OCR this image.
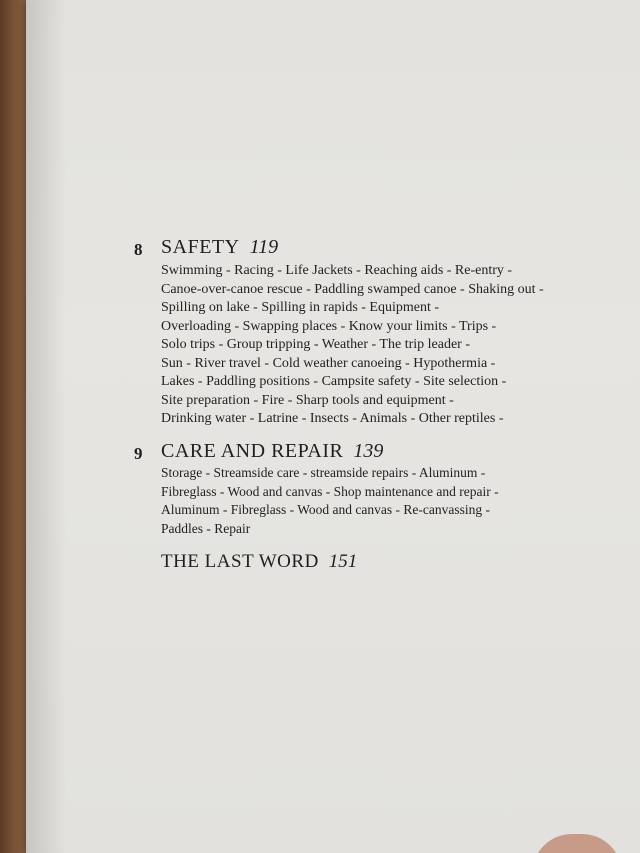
8 SAFETY 119
Swimming - Racing - Life Jackets - Reaching aids - Re-entry -
Canoe-over-canoe rescue - Paddling swamped canoe - Shaking out -
Spilling on lake - Spilling in rapids - Equipment -
Overloading - Swapping places - Know your limits - Trips -
Solo trips - Group tripping - Weather - The trip leader -
Sun - River travel - Cold weather canoeing - Hypothermia -
Lakes - Paddling positions - Campsite safety - Site selection -
Site preparation - Fire - Sharp tools and equipment -
Drinking water - Latrine - Insects - Animals - Other reptiles -
9 CARE AND REPAIR 139
Storage - Streamside care - streamside repairs - Aluminum -
Fibreglass - Wood and canvas - Shop maintenance and repair -
Aluminum - Fibreglass - Wood and canvas - Re-canvassing -
Paddles - Repair
THE LAST WORD 151
